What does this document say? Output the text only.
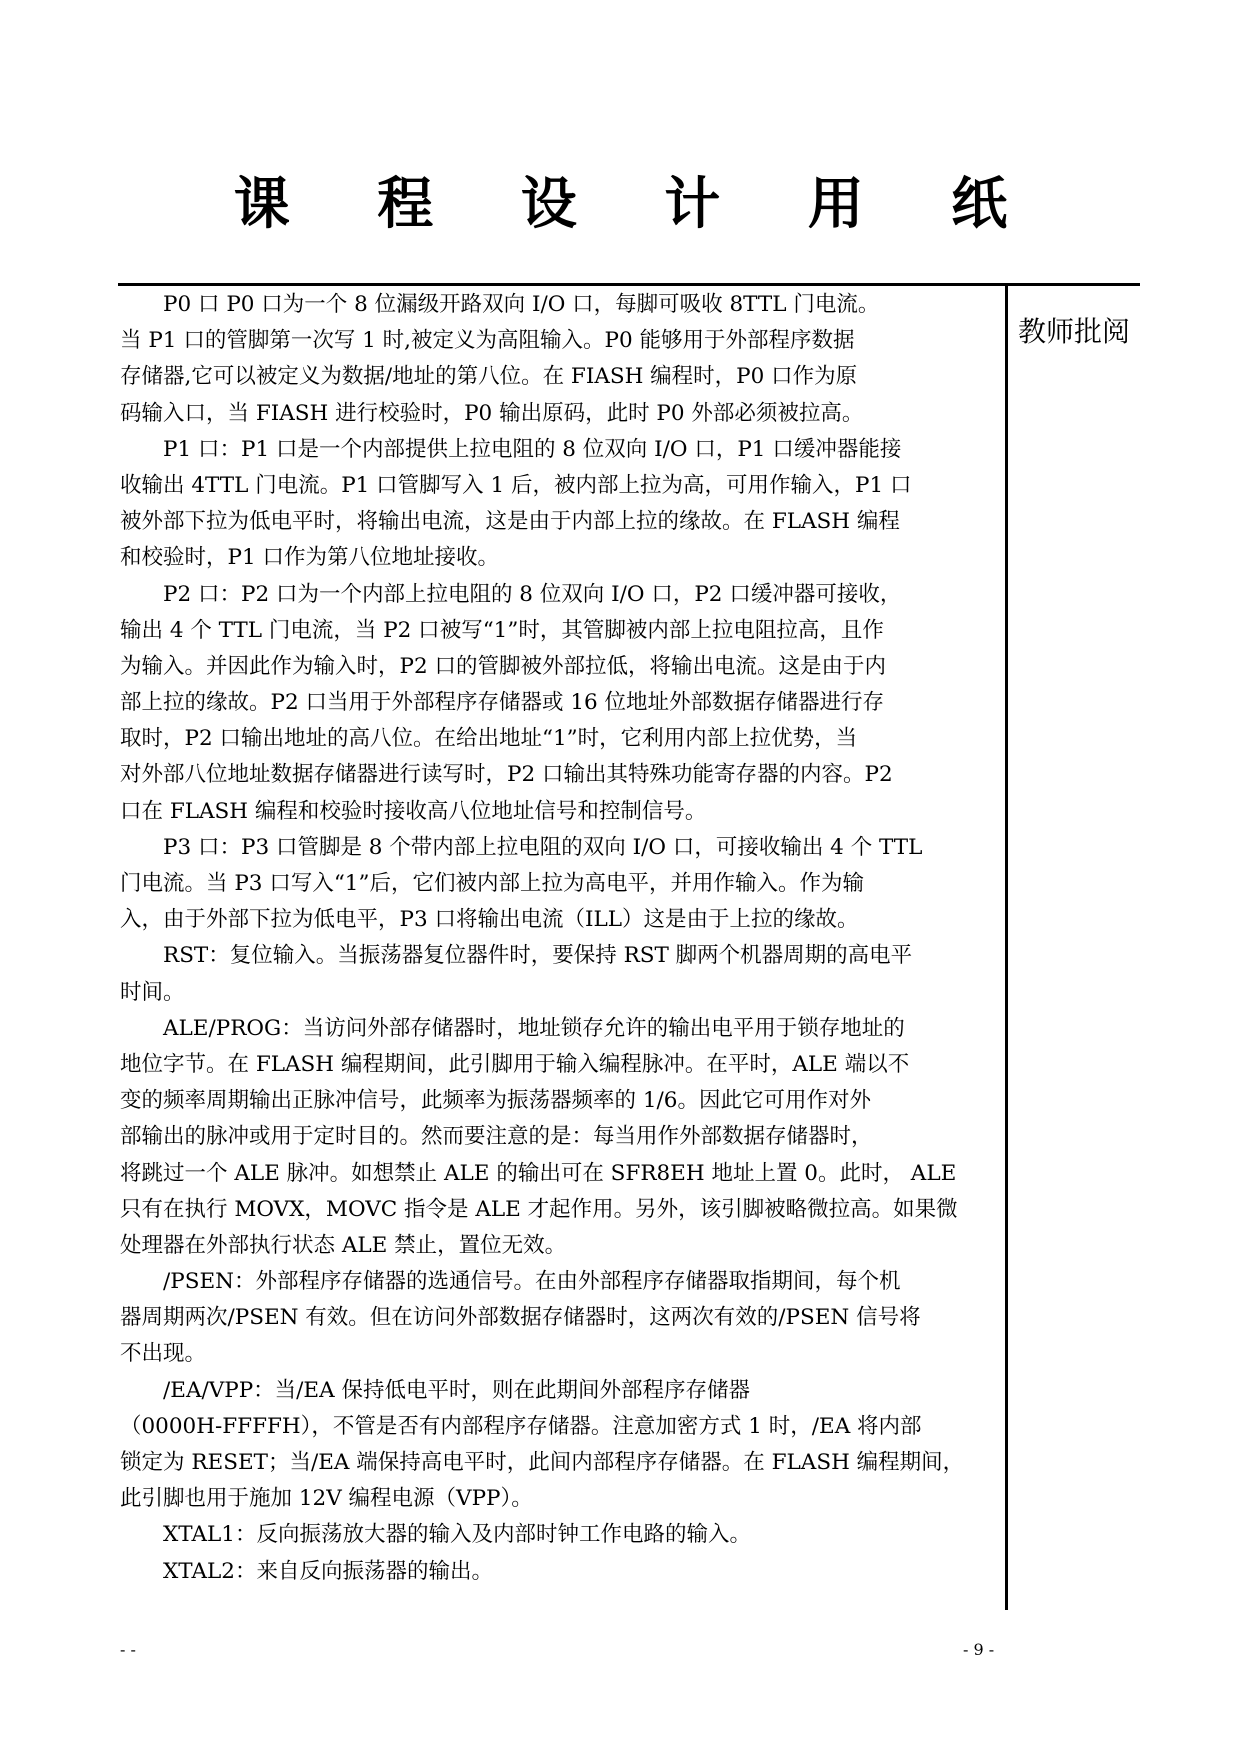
课 程 设 计 用 纸
教师批阅
　　P0 口 P0 口为一个 8 位漏级开路双向 I/O 口，每脚可吸收 8TTL 门电流。
当 P1 口的管脚第一次写 1 时,被定义为高阻输入。P0 能够用于外部程序数据
存储器,它可以被定义为数据/地址的第八位。在 FIASH 编程时，P0 口作为原
码输入口，当 FIASH 进行校验时，P0 输出原码，此时 P0 外部必须被拉高。
　　P1 口：P1 口是一个内部提供上拉电阻的 8 位双向 I/O 口，P1 口缓冲器能接
收输出 4TTL 门电流。P1 口管脚写入 1 后，被内部上拉为高，可用作输入，P1 口
被外部下拉为低电平时，将输出电流，这是由于内部上拉的缘故。在 FLASH 编程
和校验时，P1 口作为第八位地址接收。
　　P2 口：P2 口为一个内部上拉电阻的 8 位双向 I/O 口，P2 口缓冲器可接收，
输出 4 个 TTL 门电流，当 P2 口被写“1”时，其管脚被内部上拉电阻拉高，且作
为输入。并因此作为输入时，P2 口的管脚被外部拉低，将输出电流。这是由于内
部上拉的缘故。P2 口当用于外部程序存储器或 16 位地址外部数据存储器进行存
取时，P2 口输出地址的高八位。在给出地址“1”时，它利用内部上拉优势，当
对外部八位地址数据存储器进行读写时，P2 口输出其特殊功能寄存器的内容。P2
口在 FLASH 编程和校验时接收高八位地址信号和控制信号。
　　P3 口：P3 口管脚是 8 个带内部上拉电阻的双向 I/O 口，可接收输出 4 个 TTL
门电流。当 P3 口写入“1”后，它们被内部上拉为高电平，并用作输入。作为输
入，由于外部下拉为低电平，P3 口将输出电流（ILL）这是由于上拉的缘故。
　　RST：复位输入。当振荡器复位器件时，要保持 RST 脚两个机器周期的高电平
时间。
　　ALE/PROG：当访问外部存储器时，地址锁存允许的输出电平用于锁存地址的
地位字节。在 FLASH 编程期间，此引脚用于输入编程脉冲。在平时，ALE 端以不
变的频率周期输出正脉冲信号，此频率为振荡器频率的 1/6。因此它可用作对外
部输出的脉冲或用于定时目的。然而要注意的是：每当用作外部数据存储器时，
将跳过一个 ALE 脉冲。如想禁止 ALE 的输出可在 SFR8EH 地址上置 0。此时， ALE
只有在执行 MOVX，MOVC 指令是 ALE 才起作用。另外，该引脚被略微拉高。如果微
处理器在外部执行状态 ALE 禁止，置位无效。
　　/PSEN：外部程序存储器的选通信号。在由外部程序存储器取指期间，每个机
器周期两次/PSEN 有效。但在访问外部数据存储器时，这两次有效的/PSEN 信号将
不出现。
　　/EA/VPP：当/EA 保持低电平时，则在此期间外部程序存储器
（0000H-FFFFH），不管是否有内部程序存储器。注意加密方式 1 时，/EA 将内部
锁定为 RESET；当/EA 端保持高电平时，此间内部程序存储器。在 FLASH 编程期间，
此引脚也用于施加 12V 编程电源（VPP）。
　　XTAL1：反向振荡放大器的输入及内部时钟工作电路的输入。
　　XTAL2：来自反向振荡器的输出。
- -	- 9 -
